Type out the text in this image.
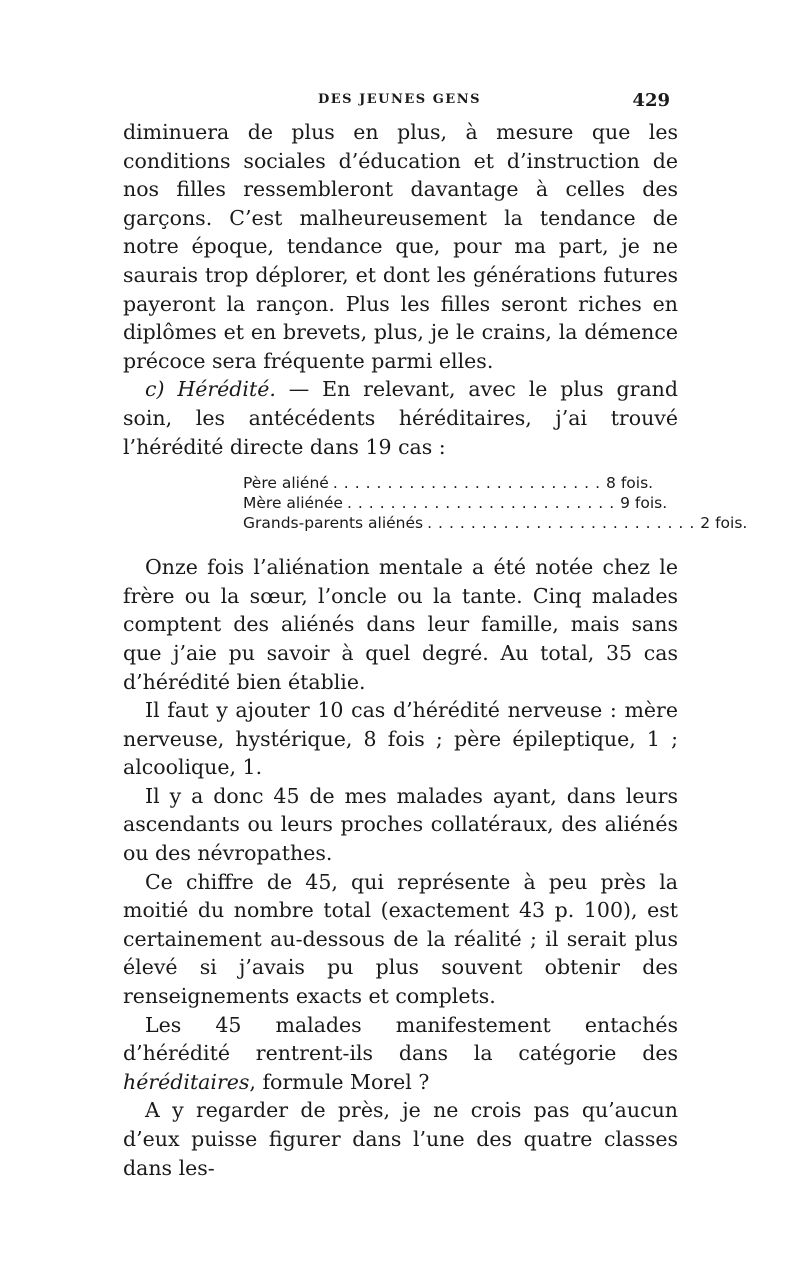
DES JEUNES GENS	429

diminuera de plus en plus, à mesure que les conditions sociales d’éducation et d’instruction de nos filles ressembleront davantage à celles des garçons. C’est malheureusement la tendance de notre époque, tendance que, pour ma part, je ne saurais trop déplorer, et dont les générations futures payeront la rançon. Plus les filles seront riches en diplômes et en brevets, plus, je le crains, la démence précoce sera fréquente parmi elles.

c) Hérédité. — En relevant, avec le plus grand soin, les antécédents héréditaires, j’ai trouvé l’hérédité directe dans 19 cas :

Père aliéné ......................... 8 fois.
Mère aliénée ......................... 9 fois.
Grands-parents aliénés ......................... 2 fois.

Onze fois l’aliénation mentale a été notée chez le frère ou la sœur, l’oncle ou la tante. Cinq malades comptent des aliénés dans leur famille, mais sans que j’aie pu savoir à quel degré. Au total, 35 cas d’hérédité bien établie.

Il faut y ajouter 10 cas d’hérédité nerveuse : mère nerveuse, hystérique, 8 fois ; père épileptique, 1 ; alcoolique, 1.

Il y a donc 45 de mes malades ayant, dans leurs ascendants ou leurs proches collatéraux, des aliénés ou des névropathes.

Ce chiffre de 45, qui représente à peu près la moitié du nombre total (exactement 43 p. 100), est certainement au-dessous de la réalité ; il serait plus élevé si j’avais pu plus souvent obtenir des renseignements exacts et complets.

Les 45 malades manifestement entachés d’hérédité rentrent-ils dans la catégorie des héréditaires, formule Morel ?

A y regarder de près, je ne crois pas qu’aucun d’eux puisse figurer dans l’une des quatre classes dans les-
